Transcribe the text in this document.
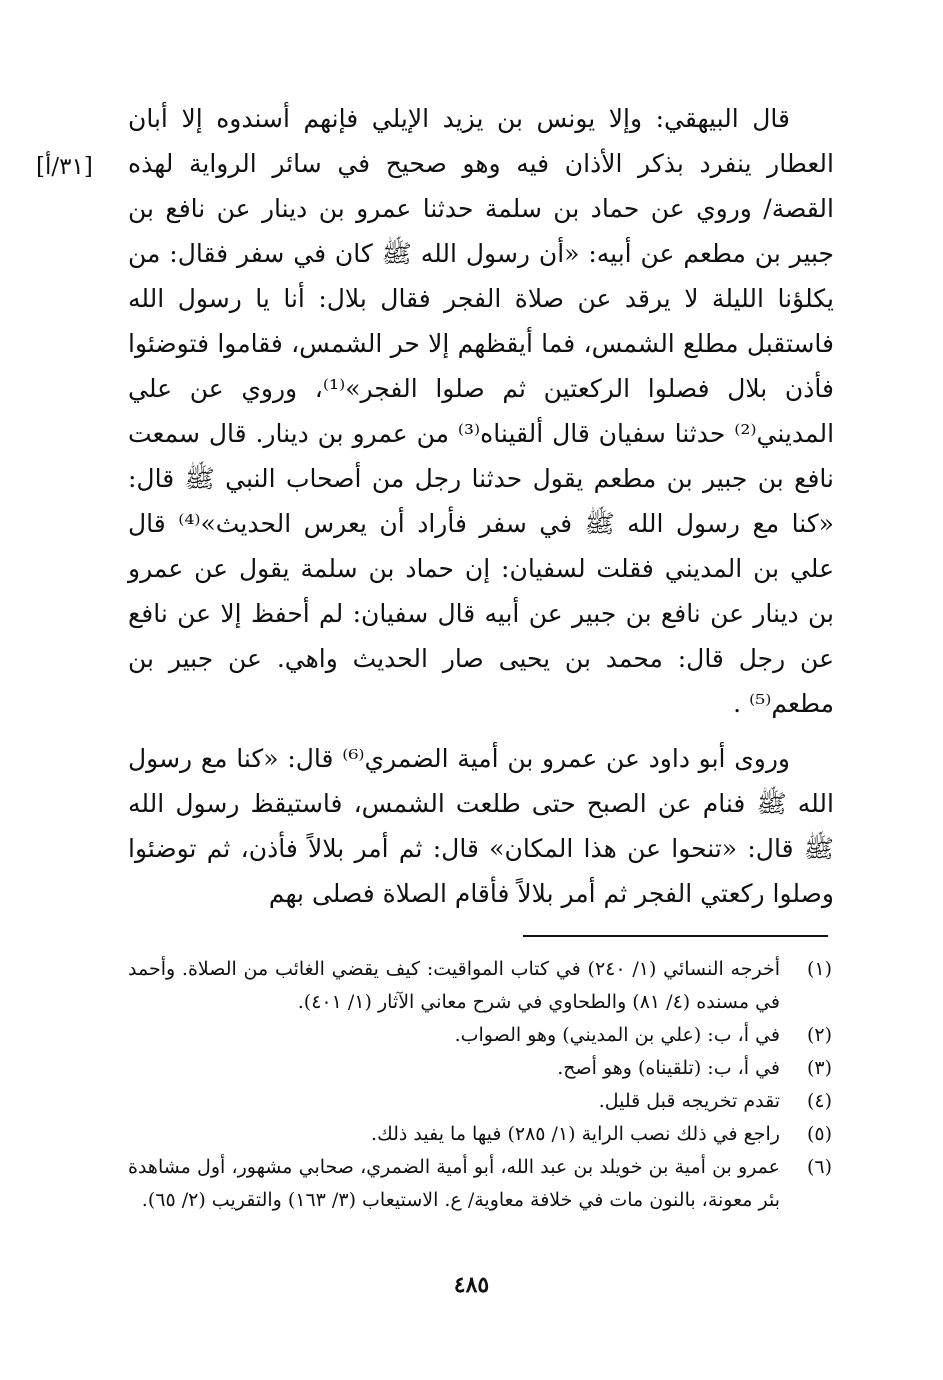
قال البيهقي: وإلا يونس بن يزيد الإيلي فإنهم أسندوه إلا أبان العطار ينفرد بذكر الأذان فيه وهو صحيح في سائر الرواية لهذه القصة/ وروي عن حماد بن سلمة حدثنا عمرو بن دينار عن نافع بن جبير بن مطعم عن أبيه: «أن رسول الله ﷺ كان في سفر فقال: من يكلؤنا الليلة لا يرقد عن صلاة الفجر فقال بلال: أنا يا رسول الله فاستقبل مطلع الشمس، فما أيقظهم إلا حر الشمس، فقاموا فتوضئوا فأذن بلال فصلوا الركعتين ثم صلوا الفجر»⁽¹⁾، وروي عن علي المديني⁽²⁾ حدثنا سفيان قال ألقيناه⁽³⁾ من عمرو بن دينار. قال سمعت نافع بن جبير بن مطعم يقول حدثنا رجل من أصحاب النبي ﷺ قال: «كنا مع رسول الله ﷺ في سفر فأراد أن يعرس الحديث»⁽⁴⁾ قال علي بن المديني فقلت لسفيان: إن حماد بن سلمة يقول عن عمرو بن دينار عن نافع بن جبير عن أبيه قال سفيان: لم أحفظ إلا عن نافع عن رجل قال: محمد بن يحيى صار الحديث واهي. عن جبير بن مطعم⁽⁵⁾ .

وروى أبو داود عن عمرو بن أمية الضمري⁽⁶⁾ قال: «كنا مع رسول الله ﷺ فنام عن الصبح حتى طلعت الشمس، فاستيقظ رسول الله ﷺ قال: «تنحوا عن هذا المكان» قال: ثم أمر بلالاً فأذن، ثم توضئوا وصلوا ركعتي الفجر ثم أمر بلالاً فأقام الصلاة فصلى بهم

[٣١/أ]
(١)
أخرجه النسائي (١/ ٢٤٠) في كتاب المواقيت: كيف يقضي الغائب من الصلاة. وأحمد في مسنده (٤/ ٨١) والطحاوي في شرح معاني الآثار (١/ ٤٠١).
(٢)
في أ، ب: (علي بن المديني) وهو الصواب.
(٣)
في أ، ب: (تلقيناه) وهو أصح.
(٤)
تقدم تخريجه قبل قليل.
(٥)
راجع في ذلك نصب الراية (١/ ٢٨٥) فيها ما يفيد ذلك.
(٦)
عمرو بن أمية بن خويلد بن عبد الله، أبو أمية الضمري، صحابي مشهور، أول مشاهدة بئر معونة، بالنون مات في خلافة معاوية/ ع. الاستيعاب (٣/ ١٦٣) والتقريب (٢/ ٦٥).
٤٨٥
